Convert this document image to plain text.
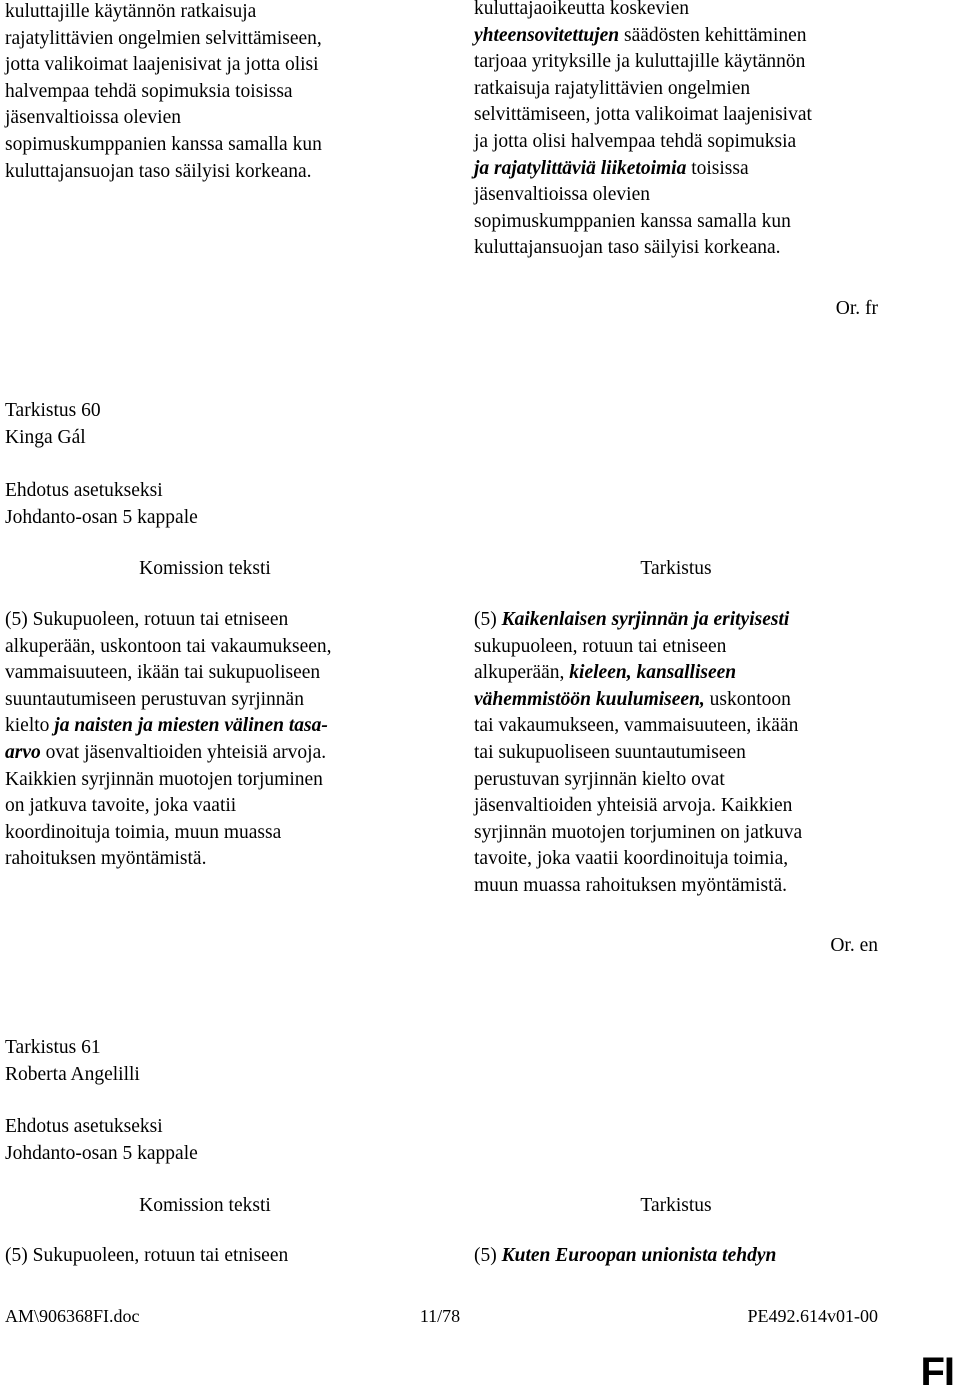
kuluttajille käytännön ratkaisuja
rajatylittävien ongelmien selvittämiseen,
jotta valikoimat laajenisivat ja jotta olisi
halvempaa tehdä sopimuksia toisissa
jäsenvaltioissa olevien
sopimuskumppanien kanssa samalla kun
kuluttajansuojan taso säilyisi korkeana.
kuluttajaoikeutta koskevien
yhteensovitettujen säädösten kehittäminen
tarjoaa yrityksille ja kuluttajille käytännön
ratkaisuja rajatylittävien ongelmien
selvittämiseen, jotta valikoimat laajenisivat
ja jotta olisi halvempaa tehdä sopimuksia
ja rajatylittäviä liiketoimia toisissa
jäsenvaltioissa olevien
sopimuskumppanien kanssa samalla kun
kuluttajansuojan taso säilyisi korkeana.
Or. fr
Tarkistus 60
Kinga Gál
Ehdotus asetukseksi
Johdanto-osan 5 kappale
Komission teksti	Tarkistus
(5) Sukupuoleen, rotuun tai etniseen
alkuperään, uskontoon tai vakaumukseen,
vammaisuuteen, ikään tai sukupuoliseen
suuntautumiseen perustuvan syrjinnän
kielto ja naisten ja miesten välinen tasa-
arvo ovat jäsenvaltioiden yhteisiä arvoja.
Kaikkien syrjinnän muotojen torjuminen
on jatkuva tavoite, joka vaatii
koordinoituja toimia, muun muassa
rahoituksen myöntämistä.
(5) Kaikenlaisen syrjinnän ja erityisesti
sukupuoleen, rotuun tai etniseen
alkuperään, kieleen, kansalliseen
vähemmistöön kuulumiseen, uskontoon
tai vakaumukseen, vammaisuuteen, ikään
tai sukupuoliseen suuntautumiseen
perustuvan syrjinnän kielto ovat
jäsenvaltioiden yhteisiä arvoja. Kaikkien
syrjinnän muotojen torjuminen on jatkuva
tavoite, joka vaatii koordinoituja toimia,
muun muassa rahoituksen myöntämistä.
Or. en
Tarkistus 61
Roberta Angelilli
Ehdotus asetukseksi
Johdanto-osan 5 kappale
Komission teksti	Tarkistus
(5) Sukupuoleen, rotuun tai etniseen	(5) Kuten Euroopan unionista tehdyn
AM\906368FI.doc	11/78	PE492.614v01-00
FI
